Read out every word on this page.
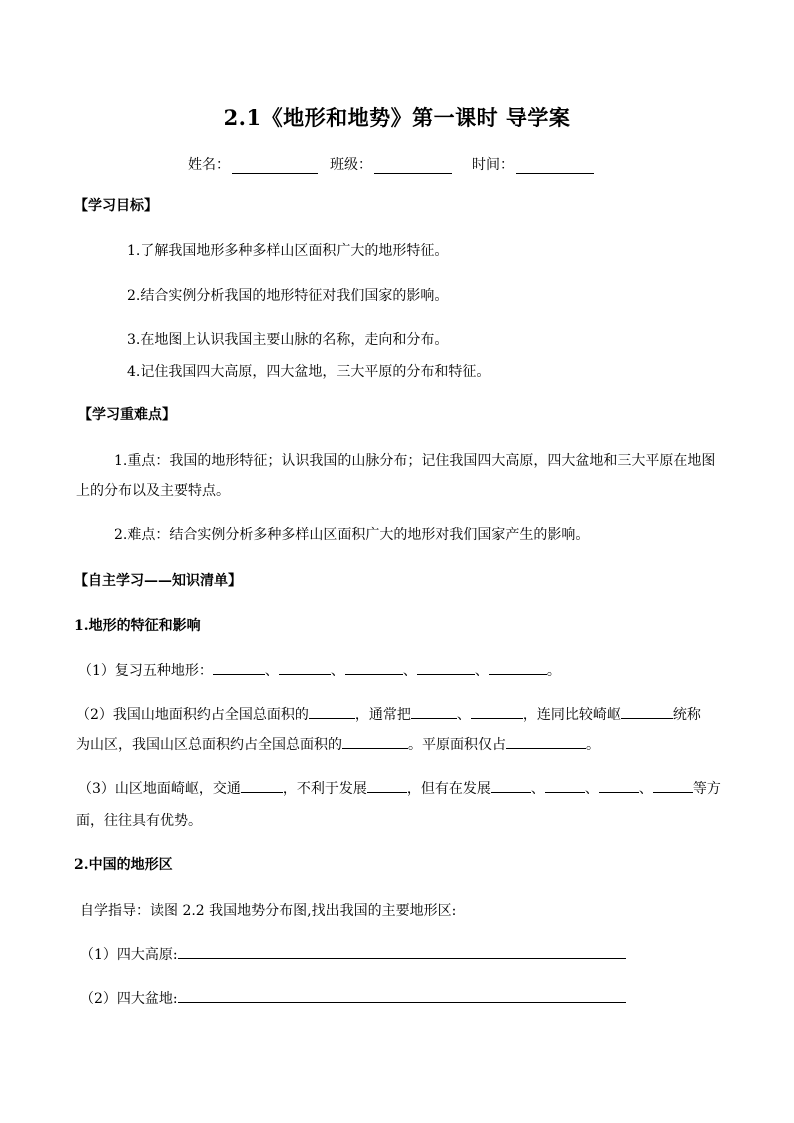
2.1《地形和地势》第一课时 导学案
姓名：	班级：	时间：
【学习目标】
1.了解我国地形多种多样山区面积广大的地形特征。
2.结合实例分析我国的地形特征对我们国家的影响。
3.在地图上认识我国主要山脉的名称，走向和分布。
4.记住我国四大高原，四大盆地，三大平原的分布和特征。
【学习重难点】
1.重点：我国的地形特征；认识我国的山脉分布；记住我国四大高原，四大盆地和三大平原在地图
上的分布以及主要特点。
2.难点：结合实例分析多种多样山区面积广大的地形对我们国家产生的影响。
【自主学习——知识清单】
1.地形的特征和影响
（1）复习五种地形：	、	、	、	、	。
（2）我国山地面积约占全国总面积的	，通常把	、	，连同比较崎岖	统称
为山区，我国山区总面积约占全国总面积的	。平原面积仅占	。
（3）山区地面崎岖，交通	，不利于发展	，但有在发展	、	、	、	等方
面，往往具有优势。
2.中国的地形区
自学指导：读图 2.2 我国地势分布图,找出我国的主要地形区:
（1）四大高原:
（2）四大盆地:
